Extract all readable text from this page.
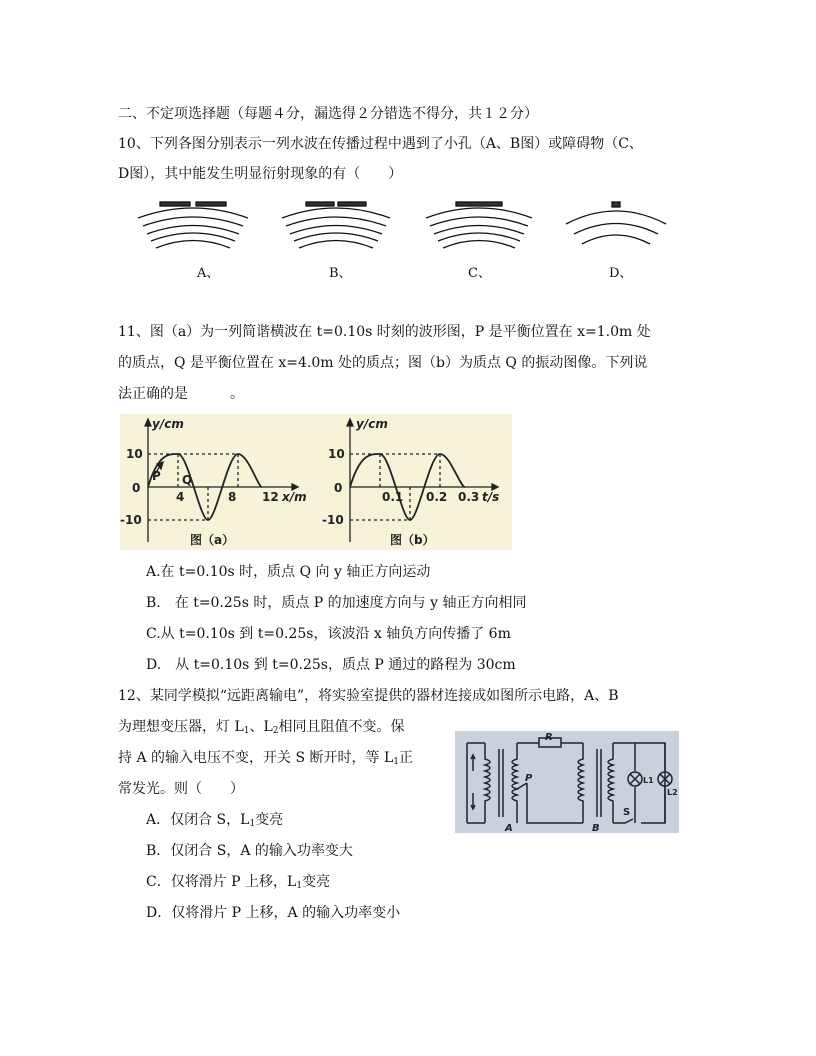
二、不定项选择题（每题４分，漏选得２分错选不得分，共１２分）
10、下列各图分别表示一列水波在传播过程中遇到了小孔（A、B图）或障碍物（C、
D图），其中能发生明显衍射现象的有（　　）
A、	B、	C、	D、
11、图（a）为一列简谐横波在 t=0.10s 时刻的波形图，P 是平衡位置在 x=1.0m 处
的质点，Q 是平衡位置在 x=4.0m 处的质点；图（b）为质点 Q 的振动图像。下列说
法正确的是　　　。
y/cm
10
0
-10
4	8 12 x/m
P Q
图（a）
y/cm
10
0
-10
0.1 0.2 0.3 t/s
图（b）
A.在 t=0.10s 时，质点 Q 向 y 轴正方向运动
B.　在 t=0.25s 时，质点 P 的加速度方向与 y 轴正方向相同
C.从 t=0.10s 到 t=0.25s，该波沿 x 轴负方向传播了 6m
D.　从 t=0.10s 到 t=0.25s，质点 P 通过的路程为 30cm
12、某同学模拟“远距离输电”，将实验室提供的器材连接成如图所示电路，A、B
为理想变压器，灯 $L_1$、$L_2$相同且阻值不变。保
持 A 的输入电压不变，开关 S 断开时，等 $L_1$正
常发光。则（　　）
R
P
A	B
S
L1
L2
A．仅闭合 S，$L_1$变亮
B．仅闭合 S，A 的输入功率变大
C．仅将滑片 P 上移，$L_1$变亮
D．仅将滑片 P 上移，A 的输入功率变小
